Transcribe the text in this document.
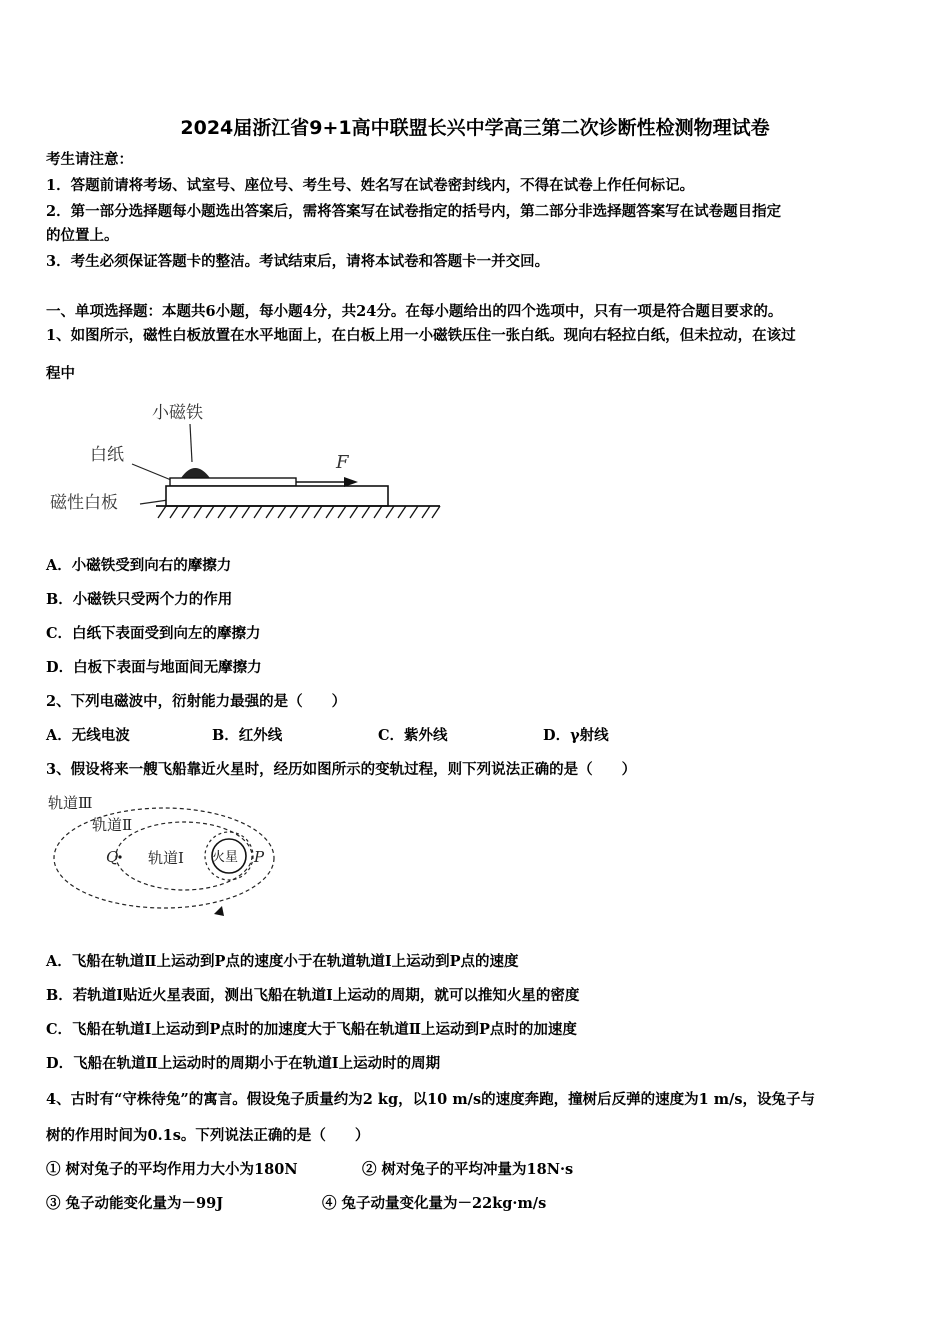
2024届浙江省9+1高中联盟长兴中学高三第二次诊断性检测物理试卷
考生请注意：
1．答题前请将考场、试室号、座位号、考生号、姓名写在试卷密封线内，不得在试卷上作任何标记。
2．第一部分选择题每小题选出答案后，需将答案写在试卷指定的括号内，第二部分非选择题答案写在试卷题目指定
的位置上。
3．考生必须保证答题卡的整洁。考试结束后，请将本试卷和答题卡一并交回。
一、单项选择题：本题共6小题，每小题4分，共24分。在每小题给出的四个选项中，只有一项是符合题目要求的。
1、如图所示，磁性白板放置在水平地面上，在白板上用一小磁铁压住一张白纸。现向右轻拉白纸，但未拉动，在该过
程中
小磁铁
白纸
磁性白板
F
A．小磁铁受到向右的摩擦力
B．小磁铁只受两个力的作用
C．白纸下表面受到向左的摩擦力
D．白板下表面与地面间无摩擦力
2、下列电磁波中，衍射能力最强的是（　　）
A．无线电波	B．红外线	C．紫外线	D．γ射线
3、假设将来一艘飞船靠近火星时，经历如图所示的变轨过程，则下列说法正确的是（　　）
火星
轨道Ⅲ
轨道Ⅱ
轨道Ⅰ
Q	P
A．飞船在轨道Ⅱ上运动到P点的速度小于在轨道轨道Ⅰ上运动到P点的速度
B．若轨道I贴近火星表面，测出飞船在轨道I上运动的周期，就可以推知火星的密度
C．飞船在轨道I上运动到P点时的加速度大于飞船在轨道Ⅱ上运动到P点时的加速度
D．飞船在轨道Ⅱ上运动时的周期小于在轨道I上运动时的周期
4、古时有“守株待兔”的寓言。假设兔子质量约为2 kg，以10 m/s的速度奔跑，撞树后反弹的速度为1 m/s，设兔子与
树的作用时间为0.1s。下列说法正确的是（　　）
① 树对兔子的平均作用力大小为180N	② 树对兔子的平均冲量为18N·s
③ 兔子动能变化量为－99J	④ 兔子动量变化量为－22kg·m/s
